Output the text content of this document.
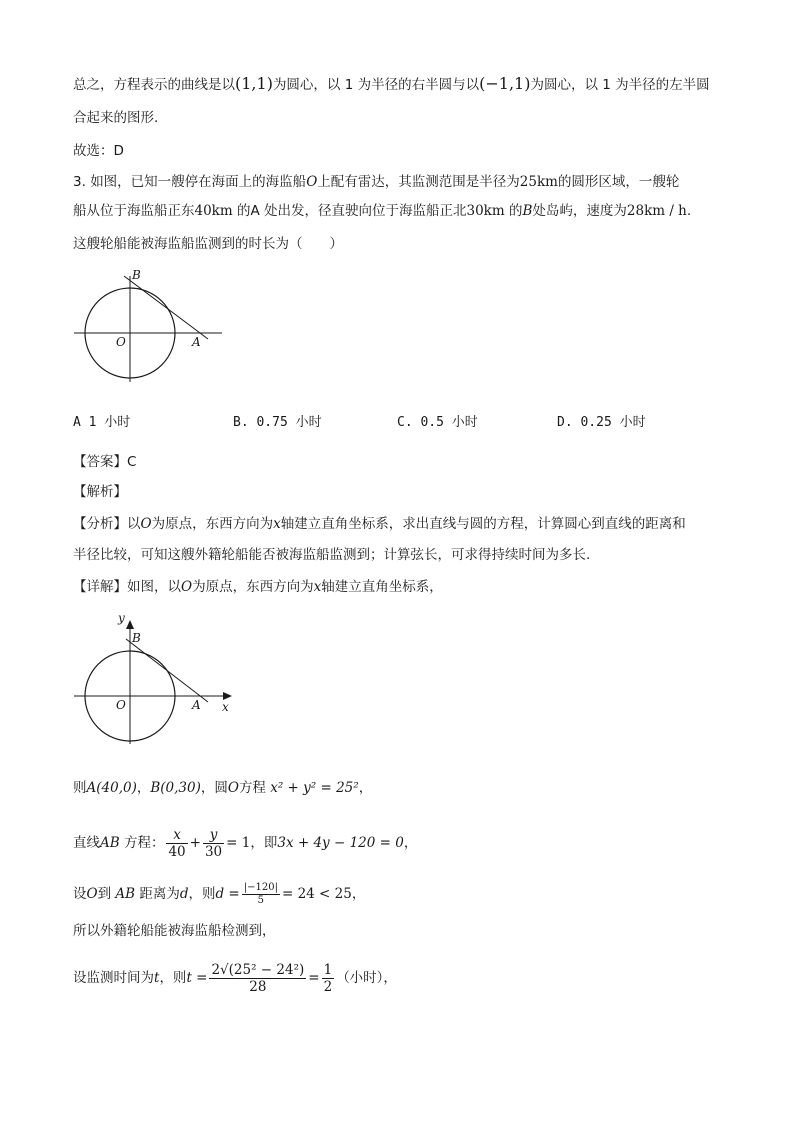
总之，方程表示的曲线是以(1,1)为圆心，以 1 为半径的右半圆与以(−1,1)为圆心，以 1 为半径的左半圆
合起来的图形.
故选：D
3. 如图，已知一艘停在海面上的海监船O上配有雷达，其监测范围是半径为25km的圆形区域，一艘轮
船从位于海监船正东40km 的A 处出发，径直驶向位于海监船正北30km 的B处岛屿，速度为28km / h.
这艘轮船能被海监船监测到的时长为（　　）
B
O	A
A 1 小时	B. 0.75 小时	C. 0.5 小时	D. 0.25 小时
【答案】C
【解析】
【分析】以O为原点，东西方向为x轴建立直角坐标系，求出直线与圆的方程，计算圆心到直线的距离和
半径比较，可知这艘外籍轮船能否被海监船监测到；计算弦长，可求得持续时间为多长.
【详解】如图，以O为原点，东西方向为x轴建立直角坐标系，
y
B
O	A x
则A(40,0)，B(0,30)，圆O方程 x² + y² = 25²，
直线AB 方程： $\frac{x}{40} + \frac{y}{30} = 1$，即3x + 4y − 120 = 0，
设O到 AB 距离为d，则$d = \frac{|-120|}{5} = 24 < 25$，
所以外籍轮船能被海监船检测到，
设监测时间为t，则$t = \frac{\text{2√(25² − 24²)}}{28} = \frac{1}{2}$ （小时），
